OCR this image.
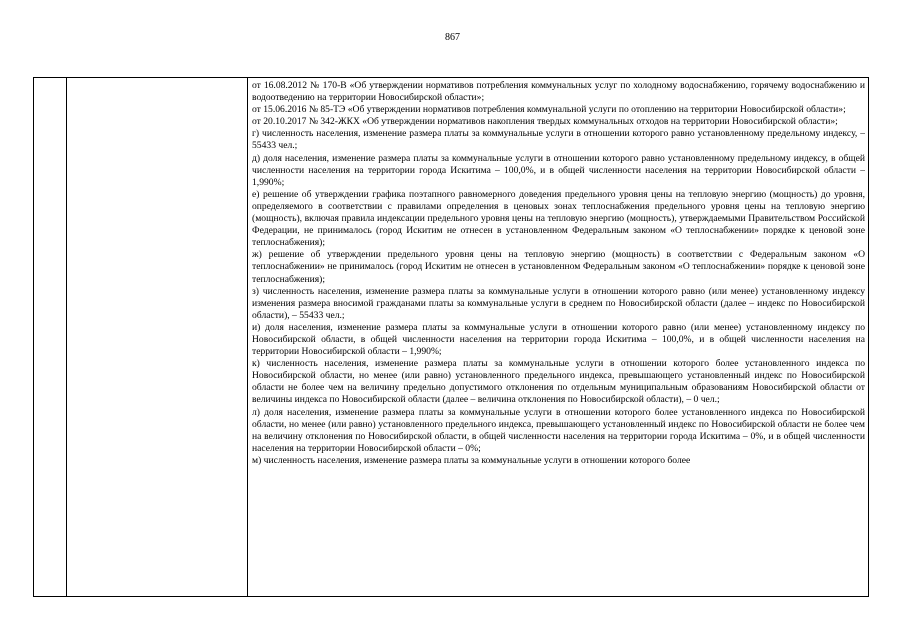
867

от 16.08.2012 № 170-В «Об утверждении нормативов потребления коммунальных услуг по холодному водоснабжению, горячему водоснабжению и водоотведению на территории Новосибирской области»;

от 15.06.2016 № 85-ТЭ «Об утверждении нормативов потребления коммунальной услуги по отоплению на территории Новосибирской области»;

от 20.10.2017 № 342-ЖКХ «Об утверждении нормативов накопления твердых коммунальных отходов на территории Новосибирской области»;

г) численность населения, изменение размера платы за коммунальные услуги в отношении которого равно установленному предельному индексу, – 55433 чел.;

д) доля населения, изменение размера платы за коммунальные услуги в отношении которого равно установленному предельному индексу, в общей численности населения на территории города Искитима – 100,0%, и в общей численности населения на территории Новосибирской области – 1,990%;

е) решение об утверждении графика поэтапного равномерного доведения предельного уровня цены на тепловую энергию (мощность) до уровня, определяемого в соответствии с правилами определения в ценовых зонах теплоснабжения предельного уровня цены на тепловую энергию (мощность), включая правила индексации предельного уровня цены на тепловую энергию (мощность), утверждаемыми Правительством Российской Федерации, не принималось (город Искитим не отнесен в установленном Федеральным законом «О теплоснабжении» порядке к ценовой зоне теплоснабжения);

ж) решение об утверждении предельного уровня цены на тепловую энергию (мощность) в соответствии с Федеральным законом «О теплоснабжении» не принималось (город Искитим не отнесен в установленном Федеральным законом «О теплоснабжении» порядке к ценовой зоне теплоснабжения);

з) численность населения, изменение размера платы за коммунальные услуги в отношении которого равно (или менее) установленному индексу изменения размера вносимой гражданами платы за коммунальные услуги в среднем по Новосибирской области (далее – индекс по Новосибирской области), – 55433 чел.;

и) доля населения, изменение размера платы за коммунальные услуги в отношении которого равно (или менее) установленному индексу по Новосибирской области, в общей численности населения на территории города Искитима – 100,0%, и в общей численности населения на территории Новосибирской области – 1,990%;

к) численность населения, изменение размера платы за коммунальные услуги в отношении которого более установленного индекса по Новосибирской области, но менее (или равно) установленного предельного индекса, превышающего установленный индекс по Новосибирской области не более чем на величину предельно допустимого отклонения по отдельным муниципальным образованиям Новосибирской области от величины индекса по Новосибирской области (далее – величина отклонения по Новосибирской области), – 0 чел.;

л) доля населения, изменение размера платы за коммунальные услуги в отношении которого более установленного индекса по Новосибирской области, но менее (или равно) установленного предельного индекса, превышающего установленный индекс по Новосибирской области не более чем на величину отклонения по Новосибирской области, в общей численности населения на территории города Искитима – 0%, и в общей численности населения на территории Новосибирской области – 0%;

м) численность населения, изменение размера платы за коммунальные услуги в отношении которого более
